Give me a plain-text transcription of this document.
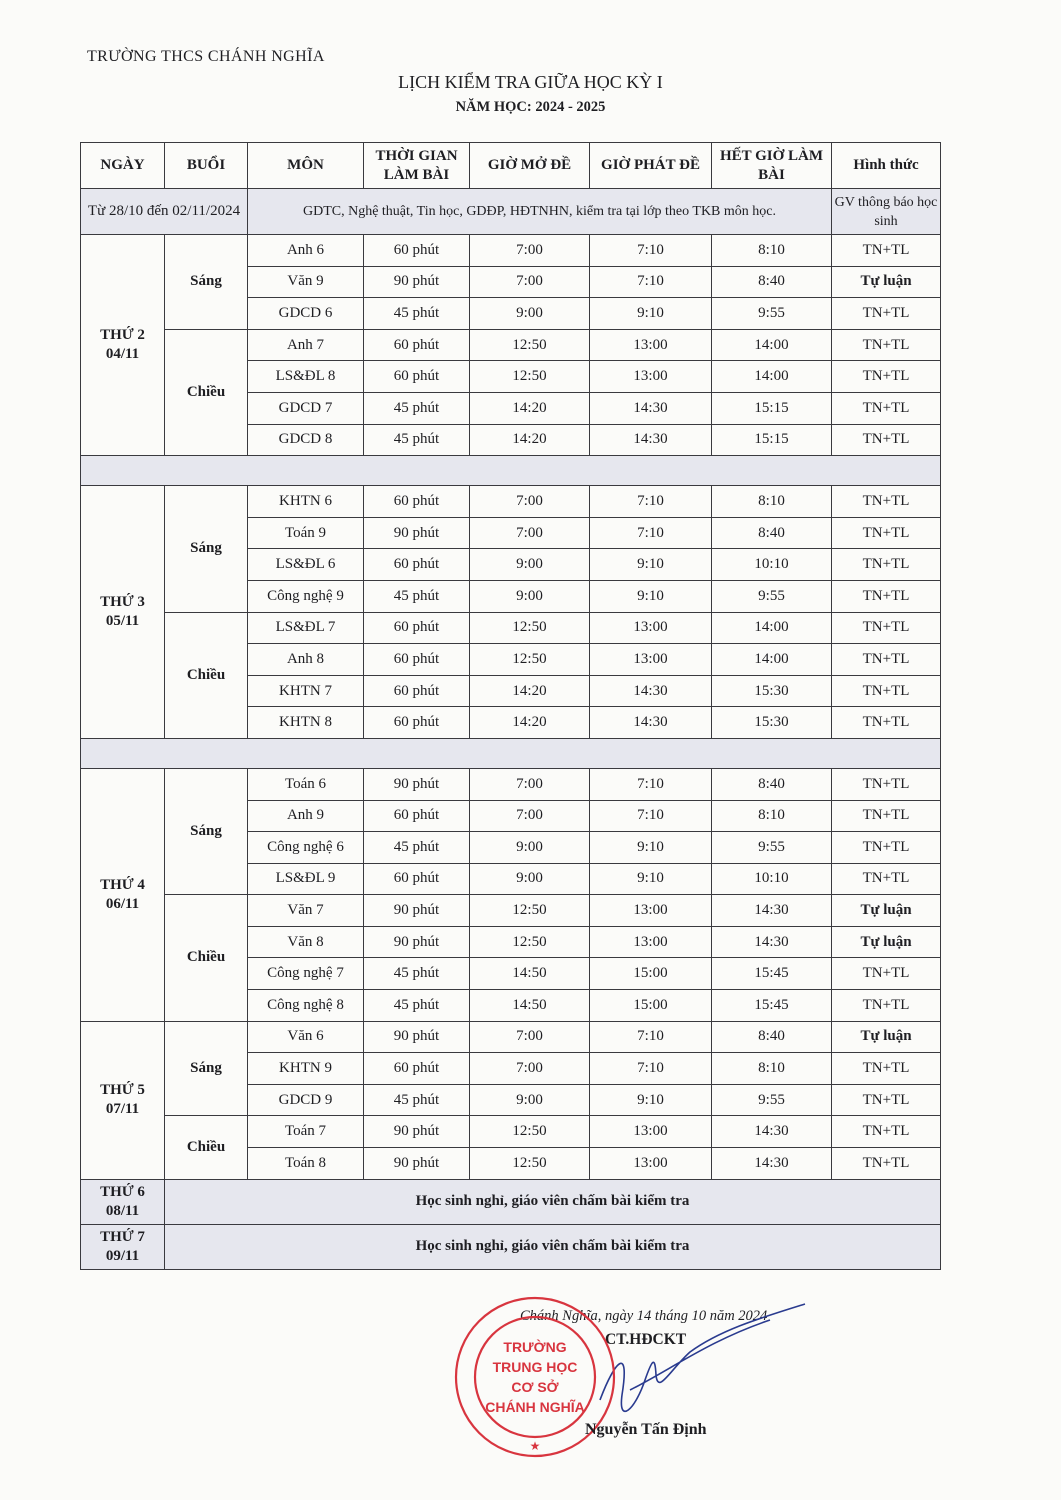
TRƯỜNG THCS CHÁNH NGHĨA
LỊCH KIỂM TRA GIỮA HỌC KỲ I
NĂM HỌC: 2024 - 2025
NGÀY	BUỔI	MÔN	THỜI GIAN LÀM BÀI	GIỜ MỞ ĐỀ	GIỜ PHÁT ĐỀ	HẾT GIỜ LÀM BÀI	Hình thức
Từ 28/10 đến 02/11/2024		GDTC, Nghệ thuật, Tin học, GDĐP, HĐTNHN, kiểm tra tại lớp theo TKB môn học.					GV thông báo học sinh
THỨ 2 04/11	Sáng	Anh 6	60 phút	7:00	7:10	8:10	TN+TL
		Văn 9	90 phút	7:00	7:10	8:40	Tự luận
		GDCD 6	45 phút	9:00	9:10	9:55	TN+TL
	Chiều	Anh 7	60 phút	12:50	13:00	14:00	TN+TL
		LS&ĐL 8	60 phút	12:50	13:00	14:00	TN+TL
		GDCD 7	45 phút	14:20	14:30	15:15	TN+TL
		GDCD 8	45 phút	14:20	14:30	15:15	TN+TL

THỨ 3 05/11	Sáng	KHTN 6	60 phút	7:00	7:10	8:10	TN+TL
		Toán 9	90 phút	7:00	7:10	8:40	TN+TL
		LS&ĐL 6	60 phút	9:00	9:10	10:10	TN+TL
		Công nghệ 9	45 phút	9:00	9:10	9:55	TN+TL
	Chiều	LS&ĐL 7	60 phút	12:50	13:00	14:00	TN+TL
		Anh 8	60 phút	12:50	13:00	14:00	TN+TL
		KHTN 7	60 phút	14:20	14:30	15:30	TN+TL
		KHTN 8	60 phút	14:20	14:30	15:30	TN+TL

THỨ 4 06/11	Sáng	Toán 6	90 phút	7:00	7:10	8:40	TN+TL
		Anh 9	60 phút	7:00	7:10	8:10	TN+TL
		Công nghệ 6	45 phút	9:00	9:10	9:55	TN+TL
		LS&ĐL 9	60 phút	9:00	9:10	10:10	TN+TL
	Chiều	Văn 7	90 phút	12:50	13:00	14:30	Tự luận
		Văn 8	90 phút	12:50	13:00	14:30	Tự luận
		Công nghệ 7	45 phút	14:50	15:00	15:45	TN+TL
		Công nghệ 8	45 phút	14:50	15:00	15:45	TN+TL
THỨ 5 07/11	Sáng	Văn 6	90 phút	7:00	7:10	8:40	Tự luận
		KHTN 9	60 phút	7:00	7:10	8:10	TN+TL
		GDCD 9	45 phút	9:00	9:10	9:55	TN+TL
	Chiều	Toán 7	90 phút	12:50	13:00	14:30	TN+TL
		Toán 8	90 phút	12:50	13:00	14:30	TN+TL
THỨ 6 08/11	Học sinh nghỉ, giáo viên chấm bài kiểm tra						
THỨ 7 09/11	Học sinh nghỉ, giáo viên chấm bài kiểm tra						
Chánh Nghĩa, ngày 14 tháng 10 năm 2024
CT.HĐCKT
TRƯỜNG
TRUNG HỌC
CƠ SỞ
CHÁNH NGHĨA
★
Nguyễn Tấn Định
